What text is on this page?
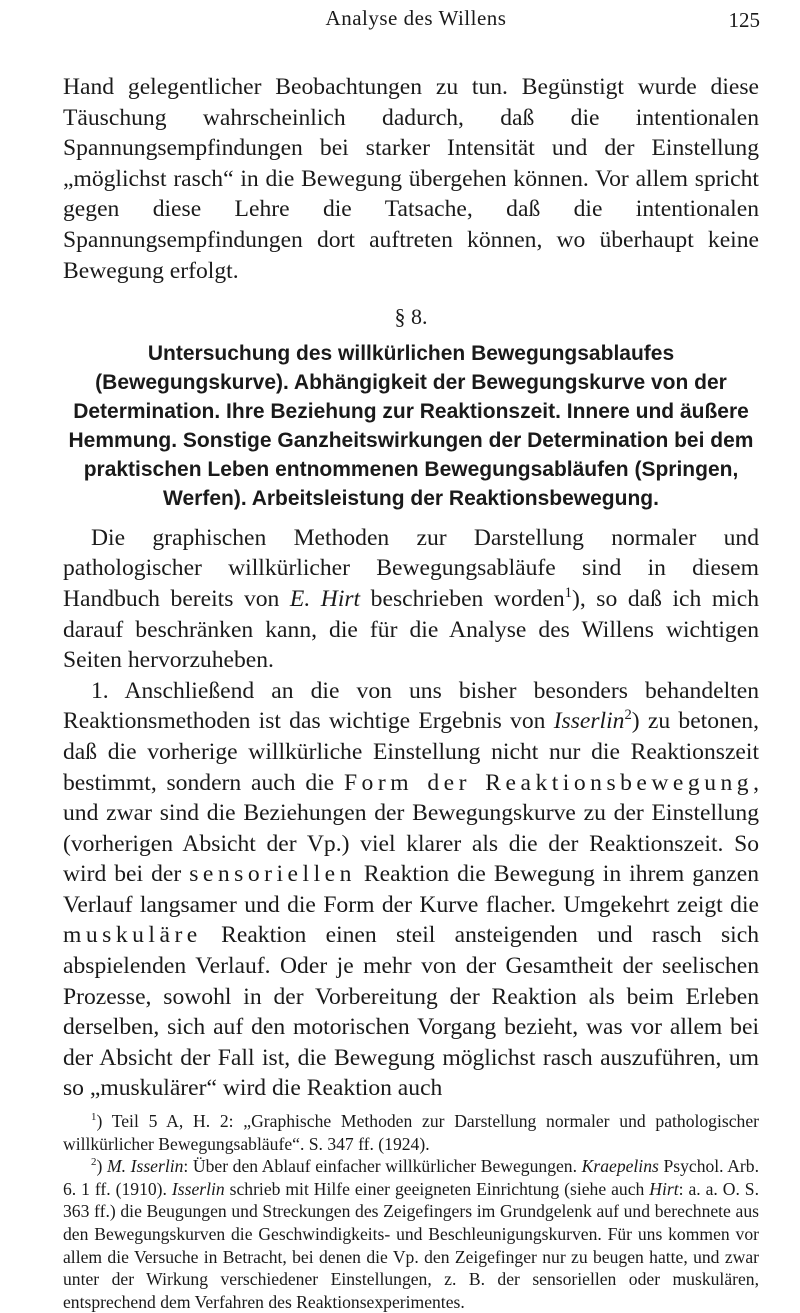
Analyse des Willens	125

Hand gelegentlicher Beobachtungen zu tun. Begünstigt wurde diese Täuschung wahrscheinlich dadurch, daß die intentionalen Spannungsempfindungen bei starker Intensität und der Einstellung „möglichst rasch“ in die Bewegung übergehen können. Vor allem spricht gegen diese Lehre die Tatsache, daß die intentionalen Spannungsempfindungen dort auftreten können, wo überhaupt keine Bewegung erfolgt.

§ 8.
Untersuchung des willkürlichen Bewegungsablaufes (Bewegungskurve). Abhängigkeit der Bewegungskurve von der Determination. Ihre Beziehung zur Reaktionszeit. Innere und äußere Hemmung. Sonstige Ganzheitswirkungen der Determination bei dem praktischen Leben entnommenen Bewegungsabläufen (Springen, Werfen). Arbeitsleistung der Reaktionsbewegung.

Die graphischen Methoden zur Darstellung normaler und pathologischer willkürlicher Bewegungsabläufe sind in diesem Handbuch bereits von E. Hirt beschrieben worden$^1$), so daß ich mich darauf beschränken kann, die für die Analyse des Willens wichtigen Seiten hervorzuheben.

1. Anschließend an die von uns bisher besonders behandelten Reaktionsmethoden ist das wichtige Ergebnis von Isserlin$^2$) zu betonen, daß die vorherige willkürliche Einstellung nicht nur die Reaktionszeit bestimmt, sondern auch die Form der Reaktionsbewegung, und zwar sind die Beziehungen der Bewegungskurve zu der Einstellung (vorherigen Absicht der Vp.) viel klarer als die der Reaktionszeit. So wird bei der sensoriellen Reaktion die Bewegung in ihrem ganzen Verlauf langsamer und die Form der Kurve flacher. Umgekehrt zeigt die muskuläre Reaktion einen steil ansteigenden und rasch sich abspielenden Verlauf. Oder je mehr von der Gesamtheit der seelischen Prozesse, sowohl in der Vorbereitung der Reaktion als beim Erleben derselben, sich auf den motorischen Vorgang bezieht, was vor allem bei der Absicht der Fall ist, die Bewegung möglichst rasch auszuführen, um so „muskulärer“ wird die Reaktion auch

$^1$) Teil 5 A, H. 2: „Graphische Methoden zur Darstellung normaler und pathologischer willkürlicher Bewegungsabläufe“. S. 347 ff. (1924).

$^2$) M. Isserlin: Über den Ablauf einfacher willkürlicher Bewegungen. Kraepelins Psychol. Arb. 6. 1 ff. (1910). Isserlin schrieb mit Hilfe einer geeigneten Einrichtung (siehe auch Hirt: a. a. O. S. 363 ff.) die Beugungen und Streckungen des Zeigefingers im Grundgelenk auf und berechnete aus den Bewegungskurven die Geschwindigkeits- und Beschleunigungskurven. Für uns kommen vor allem die Versuche in Betracht, bei denen die Vp. den Zeigefinger nur zu beugen hatte, und zwar unter der Wirkung verschiedener Einstellungen, z. B. der sensoriellen oder muskulären, entsprechend dem Verfahren des Reaktionsexperimentes.
